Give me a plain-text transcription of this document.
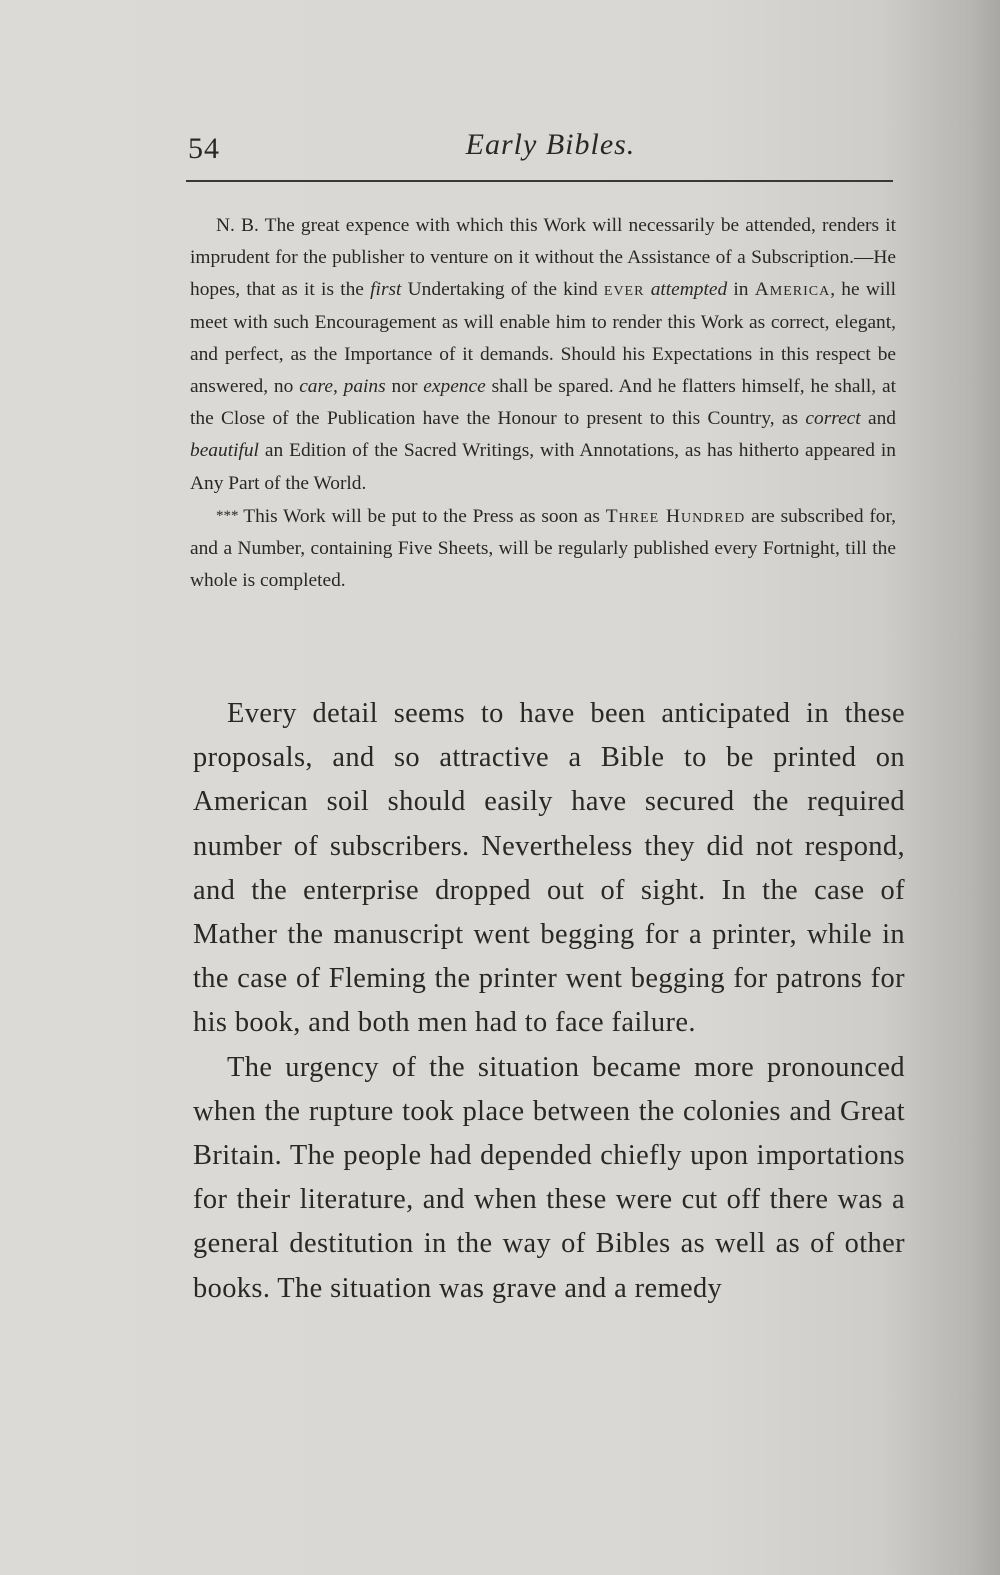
54	Early Bibles.

N. B. The great expence with which this Work will necessarily be attended, renders it imprudent for the publisher to venture on it without the Assistance of a Subscription.—He hopes, that as it is the first Undertaking of the kind ever attempted in America, he will meet with such Encouragement as will enable him to render this Work as correct, elegant, and perfect, as the Importance of it demands. Should his Expectations in this respect be answered, no care, pains nor expence shall be spared. And he flatters himself, he shall, at the Close of the Publication have the Honour to present to this Country, as correct and beautiful an Edition of the Sacred Writings, with Annotations, as has hitherto appeared in Any Part of the World.

*** This Work will be put to the Press as soon as Three Hundred are subscribed for, and a Number, containing Five Sheets, will be regularly published every Fortnight, till the whole is completed.

Every detail seems to have been anticipated in these proposals, and so attractive a Bible to be printed on American soil should easily have secured the required number of subscribers. Nevertheless they did not respond, and the enterprise dropped out of sight. In the case of Mather the manuscript went begging for a printer, while in the case of Fleming the printer went begging for patrons for his book, and both men had to face failure.

The urgency of the situation became more pronounced when the rupture took place between the colonies and Great Britain. The people had depended chiefly upon importations for their literature, and when these were cut off there was a general destitution in the way of Bibles as well as of other books. The situation was grave and a remedy
